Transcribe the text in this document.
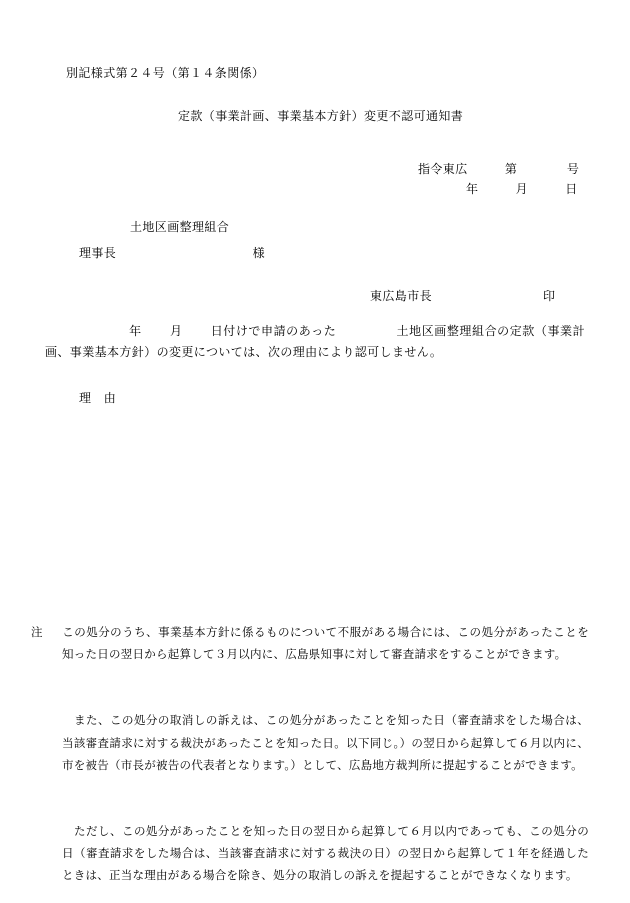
別記様式第２４号（第１４条関係）
定款（事業計画、事業基本方針）変更不認可通知書
指令東広　　　	第　　　　	号
年　　　	月　　　	日
土地区画整理組合
理事長　　　　　　　　　　　	様
東広島市長	印
年 月 日付けで申請のあった	土地区画整理組合の定款（事業計画、事業基本方針）の変更については、次の理由により認可しません。
理　由

注 この処分のうち、事業基本方針に係るものについて不服がある場合には、この処分があったことを知った日の翌日から起算して３月以内に、広島県知事に対して審査請求をすることができます。

また、この処分の取消しの訴えは、この処分があったことを知った日（審査請求をした場合は、当該審査請求に対する裁決があったことを知った日。以下同じ。）の翌日から起算して６月以内に、市を被告（市長が被告の代表者となります。）として、広島地方裁判所に提起することができます。

ただし、この処分があったことを知った日の翌日から起算して６月以内であっても、この処分の日（審査請求をした場合は、当該審査請求に対する裁決の日）の翌日から起算して１年を経過したときは、正当な理由がある場合を除き、処分の取消しの訴えを提起することができなくなります。
